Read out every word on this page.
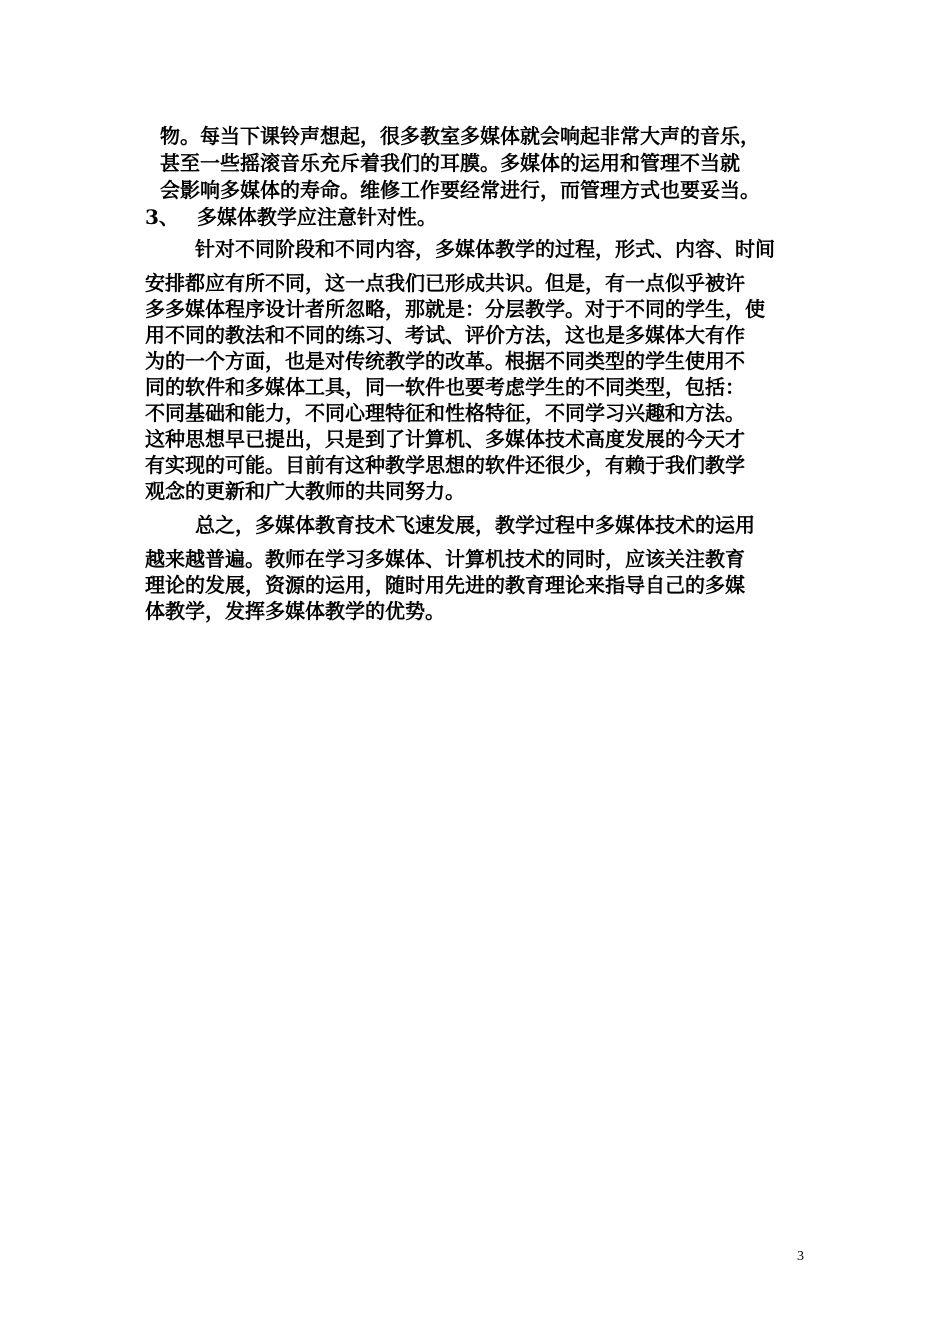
物。每当下课铃声想起，很多教室多媒体就会响起非常大声的音乐，
甚至一些摇滚音乐充斥着我们的耳膜。多媒体的运用和管理不当就
会影响多媒体的寿命。维修工作要经常进行，而管理方式也要妥当。
3、 多媒体教学应注意针对性。
针对不同阶段和不同内容，多媒体教学的过程，形式、内容、时间
安排都应有所不同，这一点我们已形成共识。但是，有一点似乎被许
多多媒体程序设计者所忽略，那就是：分层教学。对于不同的学生，使
用不同的教法和不同的练习、考试、评价方法，这也是多媒体大有作
为的一个方面，也是对传统教学的改革。根据不同类型的学生使用不
同的软件和多媒体工具，同一软件也要考虑学生的不同类型，包括：
不同基础和能力，不同心理特征和性格特征，不同学习兴趣和方法。
这种思想早已提出，只是到了计算机、多媒体技术高度发展的今天才
有实现的可能。目前有这种教学思想的软件还很少，有赖于我们教学
观念的更新和广大教师的共同努力。
总之，多媒体教育技术飞速发展，教学过程中多媒体技术的运用
越来越普遍。教师在学习多媒体、计算机技术的同时，应该关注教育
理论的发展，资源的运用，随时用先进的教育理论来指导自己的多媒
体教学，发挥多媒体教学的优势。
3
